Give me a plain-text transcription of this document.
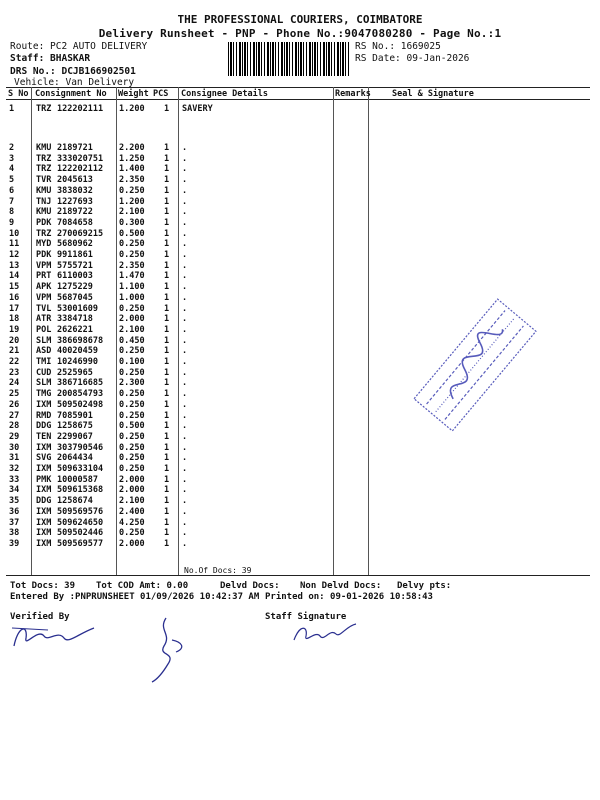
THE PROFESSIONAL COURIERS, COIMBATORE
Delivery Runsheet - PNP - Phone No.:9047080280 - Page No.:1
Route: PC2 AUTO DELIVERY
Staff: BHASKAR
DRS No.: DCJB166902501
Vehicle: Van Delivery
RS No.: 1669025
RS Date: 09-Jan-2026
S No Consignment No Weight PCS Consignee Details	Remarks Seal & Signature
1	TRZ 122202111 1.200 1 SAVERY
2	KMU 2189721	2.200 1 .
3	TRZ 333020751 1.250 1 .
4	TRZ 122202112 1.400 1 .
5	TVR 2045613	2.350 1 .
6	KMU 3838032	0.250 1 .
7	TNJ 1227693	1.200 1 .
8	KMU 2189722	2.100 1 .
9	PDK 7084658	0.300 1 .
10 TRZ 270069215 0.500 1 .
11 MYD 5680962	0.250 1 .
12 PDK 9911861	0.250 1 .
13 VPM 5755721	2.350 1 .
14 PRT 6110003	1.470 1 .
15 APK 1275229	1.100 1 .
16 VPM 5687045	1.000 1 .
17 TVL 53001609 0.250 1 .
18 ATR 3384718	2.000 1 .
19 POL 2626221	2.100 1 .
20 SLM 386698678 0.450 1 .
21 ASD 40020459 0.250 1 .
22 TMI 10246990 0.100 1 .
23 CUD 2525965	0.250 1 .
24 SLM 386716685 2.300 1 .
25 TMG 200854793 0.250 1 .
26 IXM 509502498 0.250 1 .
27 RMD 7085901	0.250 1 .
28 DDG 1258675	0.500 1 .
29 TEN 2299067	0.250 1 .
30 IXM 303790546 0.250 1 .
31 SVG 2064434	0.250 1 .
32 IXM 509633104 0.250 1 .
33 PMK 10000587 2.000 1 .
34 IXM 509615368 2.000 1 .
35 DDG 1258674	2.100 1 .
36 IXM 509569576 2.400 1 .
37 IXM 509624650 4.250 1 .
38 IXM 509502446 0.250 1 .
39 IXM 509569577 2.000 1 .
No.Of Docs: 39
Tot Docs: 39 Tot COD Amt: 0.00	Delvd Docs: Non Delvd Docs: Delvy pts:
Entered By :PNPRUNSHEET 01/09/2026 10:42:37 AM Printed on: 09-01-2026 10:58:43
Verified By	Staff Signature
